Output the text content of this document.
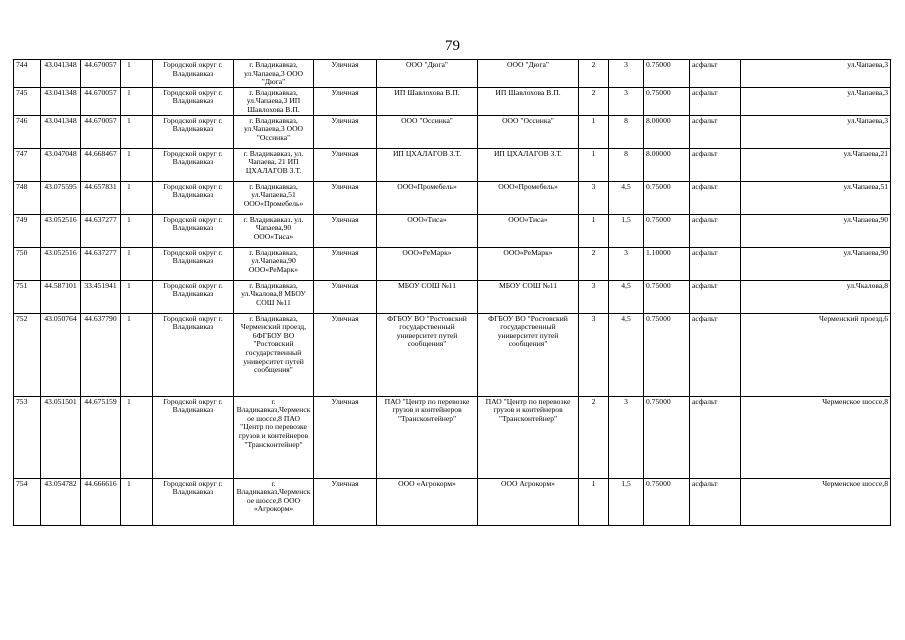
79
744	43.041348	44.670057	1	Городской округ г. Владикавказ	г. Владикавказ, ул.Чапаева,3 ООО "Дюга"	Уличная	ООО "Дюга"	ООО "Дюга"	2	3	0.75000	асфальт	ул.Чапаева,3
745	43.041348	44.670057	1	Городской округ г. Владикавказ	г. Владикавказ, ул.Чапаева,3 ИП Шавлохова В.П.	Уличная	ИП Шавлохова В.П.	ИП Шавлохова В.П.	2	3	0.75000	асфальт	ул.Чапаева,3
746	43.041348	44.670057	1	Городской округ г. Владикавказ	г. Владикавказ, ул.Чапаева,3 ООО "Оссинка"	Уличная	ООО "Оссинка"	ООО "Оссинка"	1	8	8.00000	асфальт	ул.Чапаева,3
747	43.047048	44.668467	1	Городской округ г. Владикавказ	г. Владикавказ, ул. Чапаева, 21 ИП ЦХАЛАГОВ З.Т.	Уличная	ИП ЦХАЛАГОВ З.Т.	ИП ЦХАЛАГОВ З.Т.	1	8	8.00000	асфальт	ул.Чапаева,21
748	43.075595	44.657831	1	Городской округ г. Владикавказ	г. Владикавказ, ул.Чапаева,51 ООО«Промебель»	Уличная	ООО«Промебель»	ООО«Промебель»	3	4,5	0.75000	асфальт	ул.Чапаева,51
749	43.052516	44.637277	1	Городской округ г. Владикавказ	г. Владикавказ, ул. Чапаева,90 ООО«Тиса»	Уличная	ООО«Тиса»	ООО«Тиса»	1	1,5	0.75000	асфальт	ул.Чапаева,90
750	43.052516	44.637277	1	Городской округ г. Владикавказ	г. Владикавказ, ул.Чапаева,90 ООО«РеМарк»	Уличная	ООО«РеМарк»	ООО«РеМарк»	2	3	1.10000	асфальт	ул.Чапаева,90
751	44.587101	33.451941	1	Городской округ г. Владикавказ	г. Владикавказ, ул.Чкалова,8 МБОУ СОШ №11	Уличная	МБОУ СОШ №11	МБОУ СОШ №11	3	4,5	0.75000	асфальт	ул.Чкалова,8
752	43.050764	44.637790	1	Городской округ г. Владикавказ	г. Владикавказ, Черменский проезд, 6ФГБОУ ВО "Ростовский государственный университет путей сообщения"	Уличная	ФГБОУ ВО "Ростовский государственный университет путей сообщения"	ФГБОУ ВО "Ростовский государственный университет путей сообщения"	3	4,5	0.75000	асфальт	Черменский проезд,6
753	43.051501	44.675159	1	Городской округ г. Владикавказ	г. Владикавказ,Черменское шоссе,8 ПАО "Центр по перевозке грузов и контейнеров "Трансконтейнер"	Уличная	ПАО "Центр по перевозке грузов и контейнеров "Трансконтейнер"	ПАО "Центр по перевозке грузов и контейнеров "Трансконтейнер"	2	3	0.75000	асфальт	Черменское шоссе,8
754	43.054782	44.666616	1	Городской округ г. Владикавказ	г. Владикавказ,Черменское шоссе,8 ООО «Агрокорм»	Уличная	ООО «Агрокорм»	ООО Агрокорм»	1	1,5	0.75000	асфальт	Черменское шоссе,8
